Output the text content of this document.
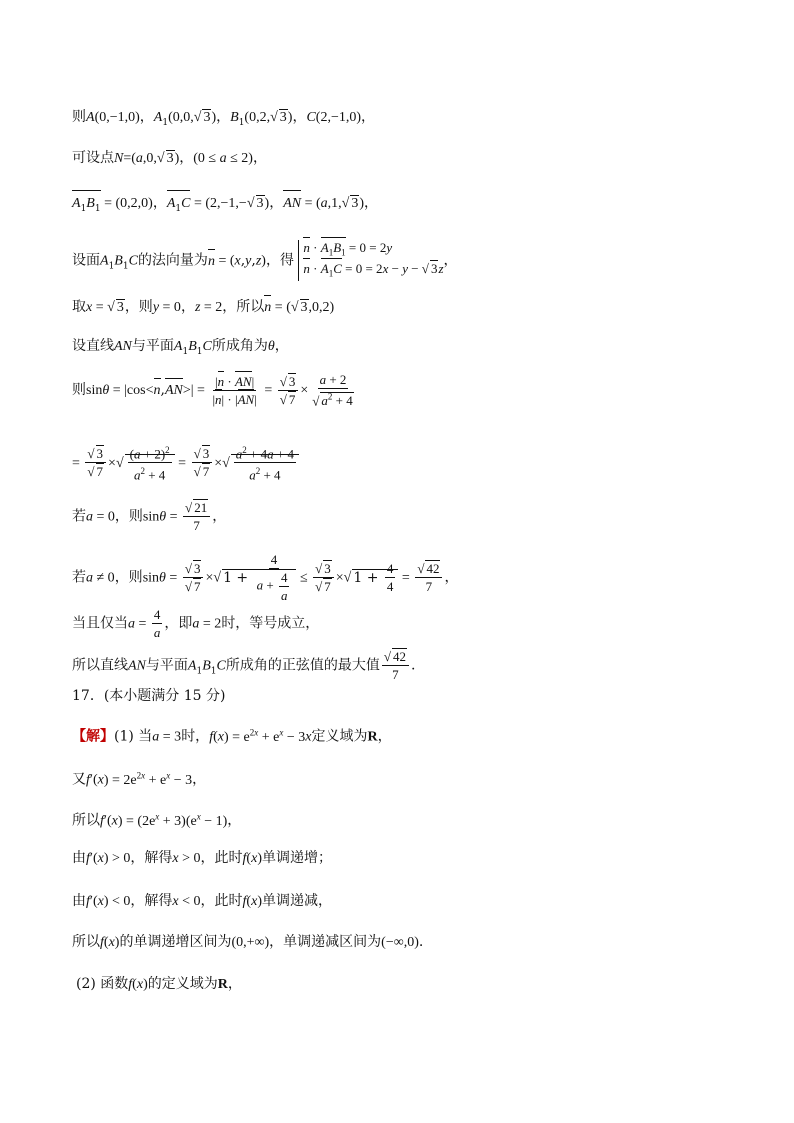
则A(0,−1,0)，$A_1(0,0,√$ 3)，$B_1(0,2,√$ 3)，C(2,−1,0)，
可设点N=(a,0,√ 3)，(0 ≤ a ≤ 2)，
$A_1B_1 = (0,2,0)$，$A_1C = (2,-1,-√$ 3)，AN = (a,1,√ 3)，
设面$A_1B_1C$的法向量为n = (x,y,z)，得
$n \cdot A_1B_1 = 0 = 2y$
$n \cdot A_1C = 0 = 2x - y$ − √ 3z ，
取x = √ 3，则y = 0，z = 2，所以n = (√ 3,0,2)
设直线AN与平面$A_1B_1C$所成角为θ，
则$\sin\theta = |\cos<n,AN>| = \frac{|n \cdot AN|}{|n| \cdot |AN|} = \frac{√ 3}{√ 7} \times \frac{a + 2}{√ a^2 + 4}$
= $\frac{√ 3}{√ 7}$ ×√ $\frac{(a + 2)^2}{a^2 + 4} = \frac{√ 3}{√ 7}$ ×√ $\frac{a^2 + 4a + 4}{a^2 + 4}$
若a = 0，则$\sin\theta = \frac{√ 21}{7}$ ，
若a ≠ 0，则$\sin\theta = \frac{√ 3}{√ 7}$ ×√ $1 + \frac{4}{a + \frac{4}{a}} \le \frac{√ 3}{√ 7}$ ×√ $1 + \frac{4}{4} = \frac{√ 42}{7}$ ，
当且仅当$a = \frac{4}{a}$ ，即a = 2时，等号成立，
所以直线AN与平面$A_1B_1C$所成角的正弦值的最大值 $\frac{√ 42}{7}$ .
17．(本小题满分 15 分)
【解】(1) 当a = 3时，$f(x) = e^{2x} + e^x - 3x$定义域为R，
又$f'(x) = 2e^{2x} + e^x - 3$，
所以$f'(x) = (2e^x + 3)(e^x - 1)$，
由f′(x) > 0，解得x > 0，此时f(x)单调递增；
由f′(x) < 0，解得x < 0，此时f(x)单调递减，
所以f(x)的单调递增区间为(0,+∞)，单调递减区间为(−∞,0).
(2) 函数f(x)的定义域为R，
